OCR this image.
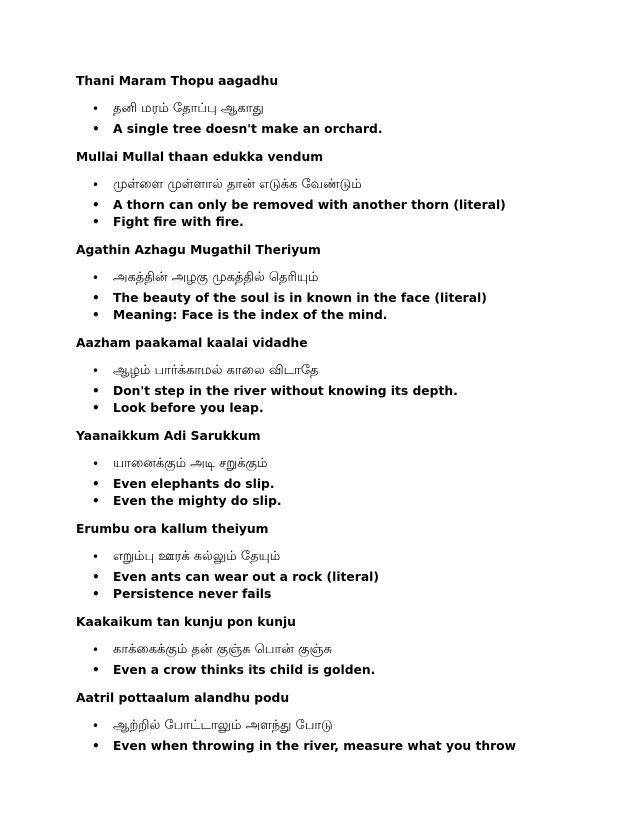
Thani Maram Thopu aagadhu
• தனி மரம் தோப்பு ஆகாது
• A single tree doesn't make an orchard.
Mullai Mullal thaan edukka vendum
• முள்ளை முள்ளால் தான் எடுக்க வேண்டும்
• A thorn can only be removed with another thorn (literal)
• Fight fire with fire.
Agathin Azhagu Mugathil Theriyum
• அகத்தின் அழகு முகத்தில் தெரியும்
• The beauty of the soul is in known in the face (literal)
• Meaning: Face is the index of the mind.
Aazham paakamal kaalai vidadhe
• ஆழம் பார்க்காமல் காலை விடாதே
• Don't step in the river without knowing its depth.
• Look before you leap.
Yaanaikkum Adi Sarukkum
• யானைக்கும் அடி சறுக்கும்
• Even elephants do slip.
• Even the mighty do slip.
Erumbu ora kallum theiyum
• எறும்பு ஊரக் கல்லும் தேயும்
• Even ants can wear out a rock (literal)
• Persistence never fails
Kaakaikum tan kunju pon kunju
• காக்கைக்கும் தன் குஞ்சு பொன் குஞ்சு
• Even a crow thinks its child is golden.
Aatril pottaalum alandhu podu
• ஆற்றில் போட்டாலும் அளந்து போடு
• Even when throwing in the river, measure what you throw
